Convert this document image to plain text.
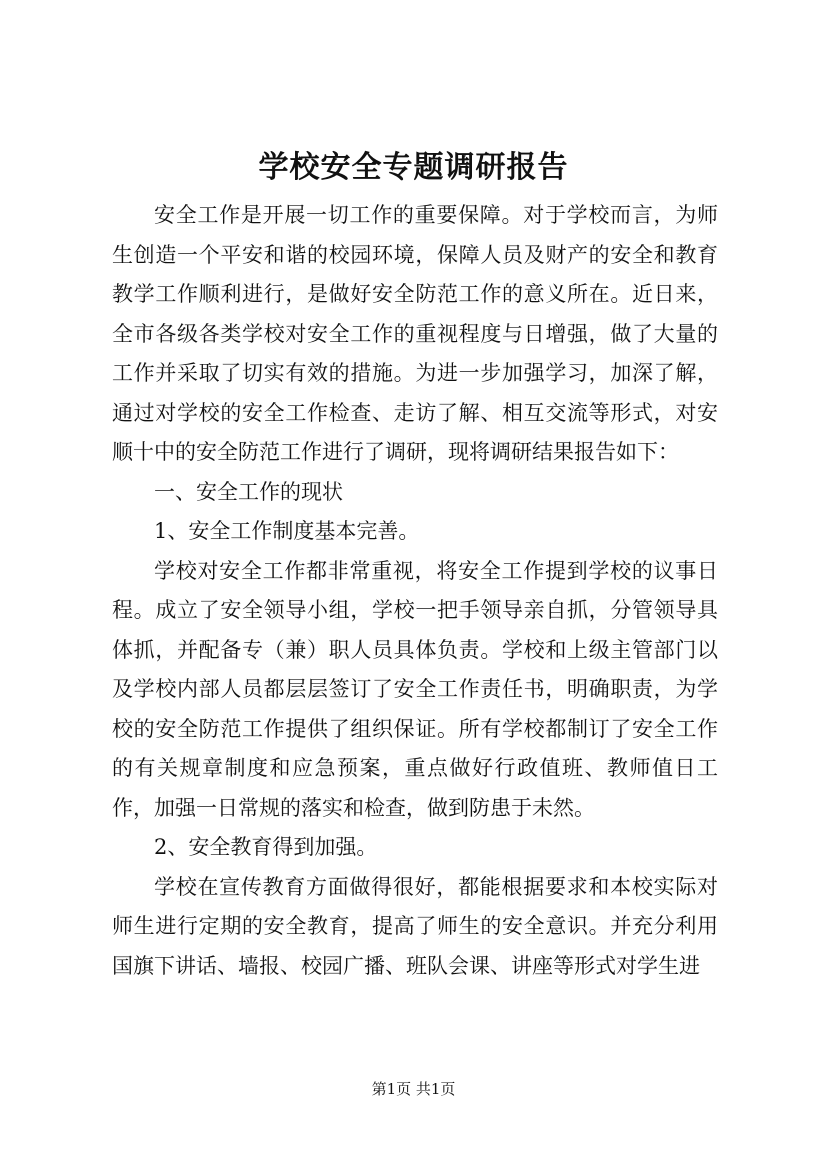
学校安全专题调研报告

安全工作是开展一切工作的重要保障。对于学校而言，为师生创造一个平安和谐的校园环境，保障人员及财产的安全和教育教学工作顺利进行，是做好安全防范工作的意义所在。近日来，全市各级各类学校对安全工作的重视程度与日增强，做了大量的工作并采取了切实有效的措施。为进一步加强学习，加深了解，通过对学校的安全工作检查、走访了解、相互交流等形式，对安顺十中的安全防范工作进行了调研，现将调研结果报告如下：

一、安全工作的现状

1、安全工作制度基本完善。

学校对安全工作都非常重视，将安全工作提到学校的议事日程。成立了安全领导小组，学校一把手领导亲自抓，分管领导具体抓，并配备专（兼）职人员具体负责。学校和上级主管部门以及学校内部人员都层层签订了安全工作责任书，明确职责，为学校的安全防范工作提供了组织保证。所有学校都制订了安全工作的有关规章制度和应急预案，重点做好行政值班、教师值日工作，加强一日常规的落实和检查，做到防患于未然。

2、安全教育得到加强。

学校在宣传教育方面做得很好，都能根据要求和本校实际对师生进行定期的安全教育，提高了师生的安全意识。并充分利用国旗下讲话、墙报、校园广播、班队会课、讲座等形式对学生进

第1页 共1页
